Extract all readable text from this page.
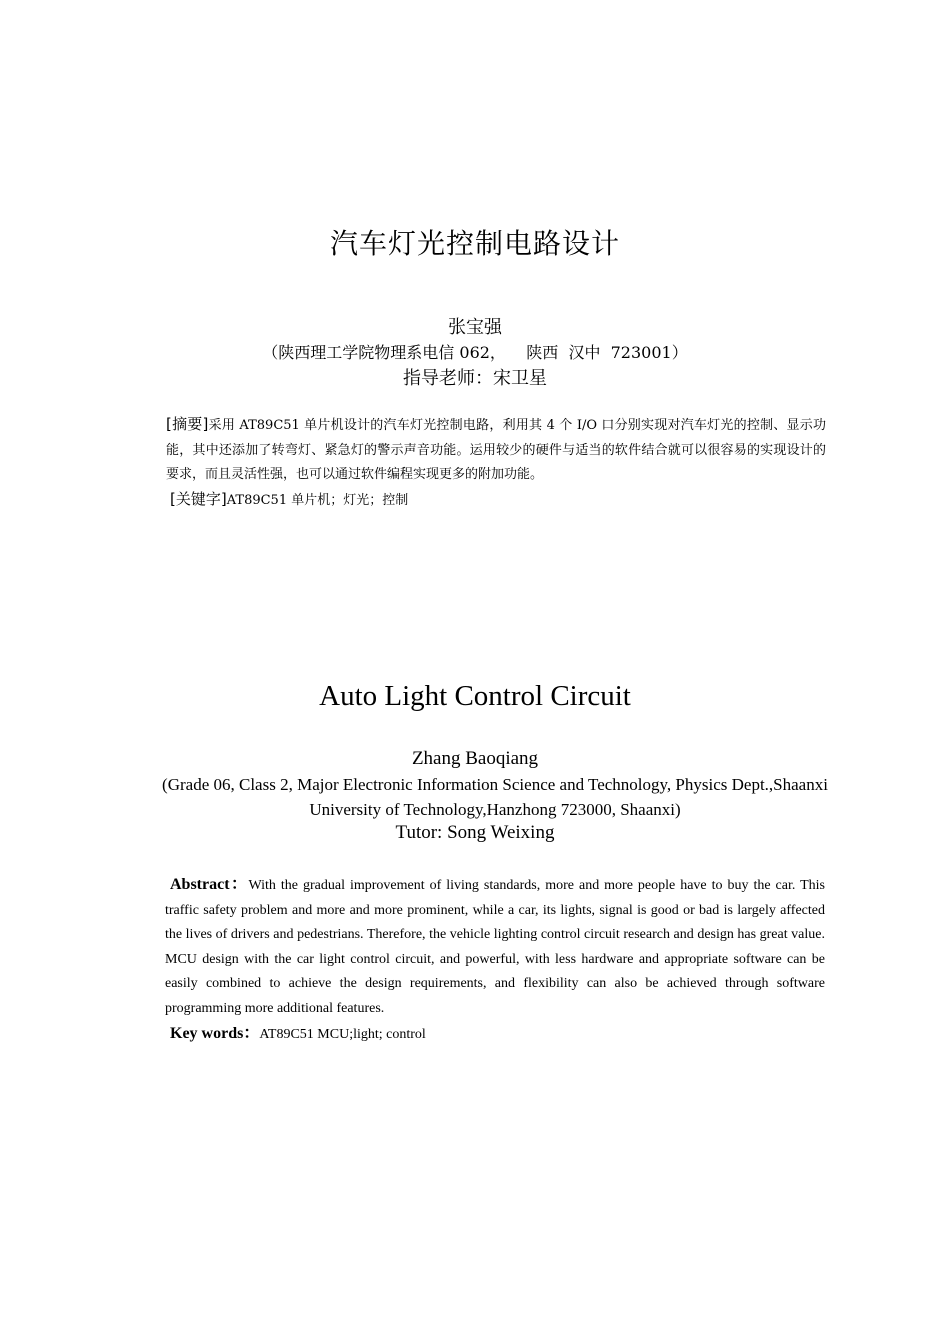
汽车灯光控制电路设计
张宝强
（陕西理工学院物理系电信 062，    陕西  汉中  723001）
指导老师：宋卫星
[摘要]采用 AT89C51 单片机设计的汽车灯光控制电路，利用其 4 个 I/O 口分别实现对汽车灯光的控制、显示功能，其中还添加了转弯灯、紧急灯的警示声音功能。运用较少的硬件与适当的软件结合就可以很容易的实现设计的要求，而且灵活性强，也可以通过软件编程实现更多的附加功能。
[关键字]AT89C51 单片机；灯光；控制
Auto Light Control Circuit
Zhang Baoqiang
(Grade 06, Class 2, Major Electronic Information Science and Technology, Physics Dept.,Shaanxi University of Technology,Hanzhong 723000, Shaanxi)
Tutor: Song Weixing
Abstract：With the gradual improvement of living standards, more and more people have to buy the car. This traffic safety problem and more and more prominent, while a car, its lights, signal is good or bad is largely affected the lives of drivers and pedestrians. Therefore, the vehicle lighting control circuit research and design has great value. MCU design with the car light control circuit, and powerful, with less hardware and appropriate software can be easily combined to achieve the design requirements, and flexibility can also be achieved through software programming more additional features.
Key words：AT89C51 MCU;light; control
